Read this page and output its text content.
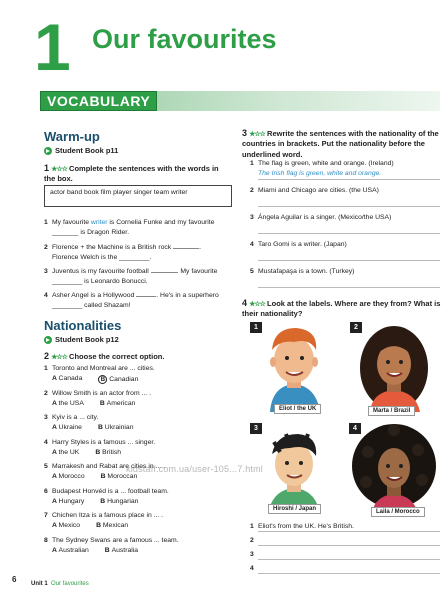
1 Our favourites
VOCABULARY
Warm-up
Student Book p11
1 ★☆☆ Complete the sentences with the words in the box.
actor band book film player singer team writer
1 My favourite writer is Cornelia Funke and my favourite
_______ is Dragon Rider.
2 Florence + the Machine is a British rock	.
Florence Welch is the ________.
3 Juventus is my favourite football	. My favourite
________ is Leonardo Bonucci.
4 Asher Angel is a Hollywood	. He's in a superhero
________ called Shazam!
Nationalities
Student Book p12
2 ★☆☆ Choose the correct option.
1 Toronto and Montreal are ... cities.
A Canada	B Canadian
2 Willow Smith is an actor from ... .
A the USA B American
3 Kyiv is a ... city.
A Ukraine B Ukrainian
4 Harry Styles is a famous ... singer.
A the UK B British
5 Marrakesh and Rabat are cities in ... .
A Morocco B Moroccan
6 Budapest Honvéd is a ... football team.
A Hungary B Hungarian
7 Chichen Itza is a famous place in ... .
A Mexico B Mexican
8 The Sydney Swans are a famous ... team.
A Australian B Australia
3 ★☆☆ Rewrite the sentences with the nationality of the countries in brackets. Put the nationality before the underlined word.
1 The flag is green, white and orange. (Ireland)
The Irish flag is green, white and orange.
2 Miami and Chicago are cities. (the USA)
3 Ángela Aguilar is a singer. (Mexico/the USA)
4 Taro Gomi is a writer. (Japan)
5 Mustafapaşa is a town. (Turkey)
4 ★☆☆ Look at the labels. Where are they from? What is their nationality?
1
Eliot / the UK
2
Marta / Brazil
3
Hiroshi / Japan
4
Laila / Morocco
1 Eliot's from the UK. He's British.
2
3
4
kidstaff.com.ua/user-105...7.html
6 Unit 1 Our favourites
